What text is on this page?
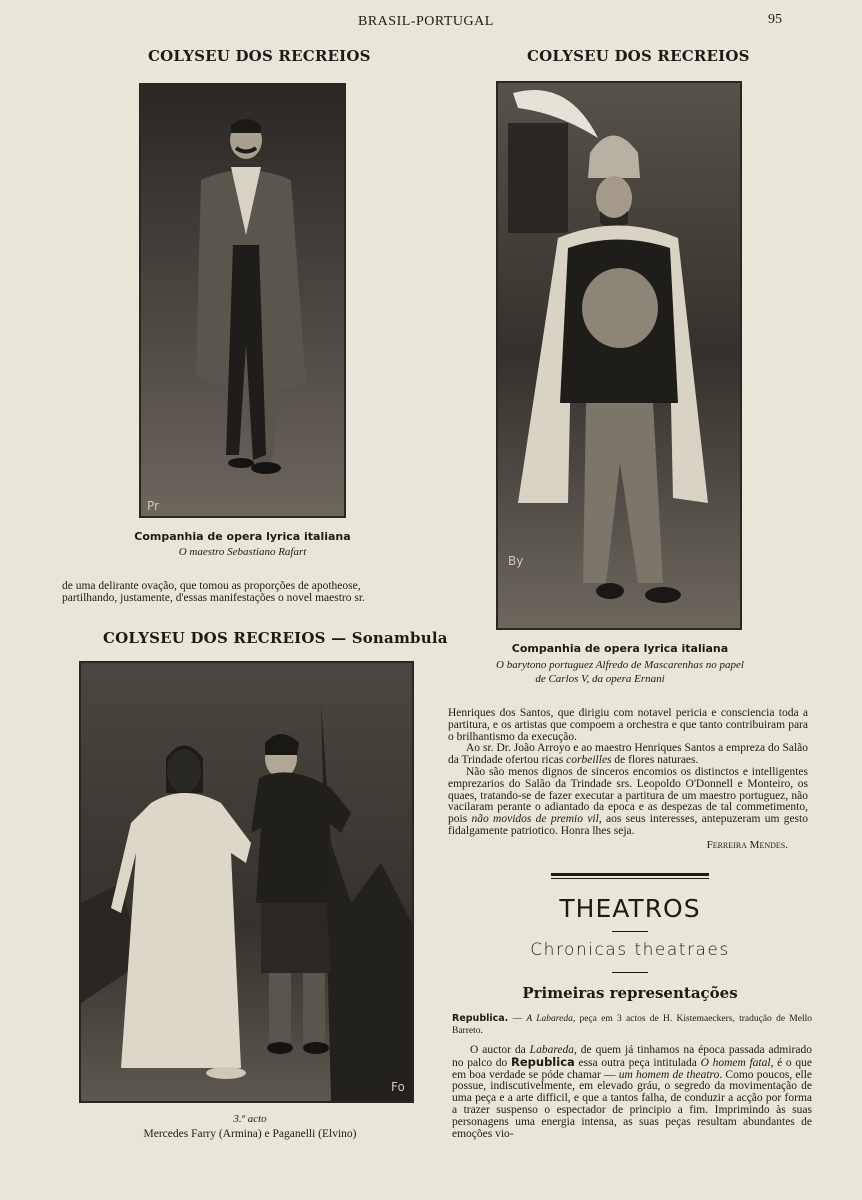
BRASIL-PORTUGAL	95
COLYSEU DOS RECREIOS
Pr
Companhia de opera lyrica italiana
O maestro Sebastiano Rafart

de uma delirante ovação, que tomou as proporções de apotheose,

partilhando, justamente, d'essas manifestações o novel maestro sr.

COLYSEU DOS RECREIOS
By
Companhia de opera lyrica italiana
O barytono portuguez Alfredo de Mascarenhas no papel
de Carlos V, da opera Ernani
COLYSEU DOS RECREIOS — Sonambula
Fo
3.º acto
Mercedes Farry (Armina) e Paganelli (Elvino)

Henriques dos Santos, que dirigiu com notavel pericia e consciencia toda a partitura, e os artistas que compoem a orchestra e que tanto contribuiram para o brilhantismo da execução.

Ao sr. Dr. João Arroyo e ao maestro Henriques Santos a empreza do Salão da Trindade ofertou ricas corbeilles de flores naturaes.

Não são menos dignos de sinceros encomios os distinctos e intelligentes emprezarios do Salão da Trindade srs. Leopoldo O'Donnell e Monteiro, os quaes, tratando-se de fazer executar a partitura de um maestro portuguez, não vacilaram perante o adiantado da epoca e as despezas de tal commetimento, pois não movidos de premio vil, aos seus interesses, antepuzeram um gesto fidalgamente patriotico. Honra lhes seja.

Ferreira Mendes.

THEATROS
Chronicas theatraes
Primeiras representações
Republica. — A Labareda, peça em 3 actos de H. Kistemaeckers, tradução de Mello Barreto.

O auctor da Labareda, de quem já tinhamos na época passada admirado no palco do Republica essa outra peça intitulada O homem fatal, é o que em boa verdade se póde chamar — um homem de theatro. Como poucos, elle possue, indiscutivelmente, em elevado gráu, o segredo da movimentação de uma peça e a arte difficil, e que a tantos falha, de conduzir a acção por forma a trazer suspenso o espectador de principio a fim. Imprimindo às suas personagens uma energia intensa, as suas peças resultam abundantes de emoções vio-
